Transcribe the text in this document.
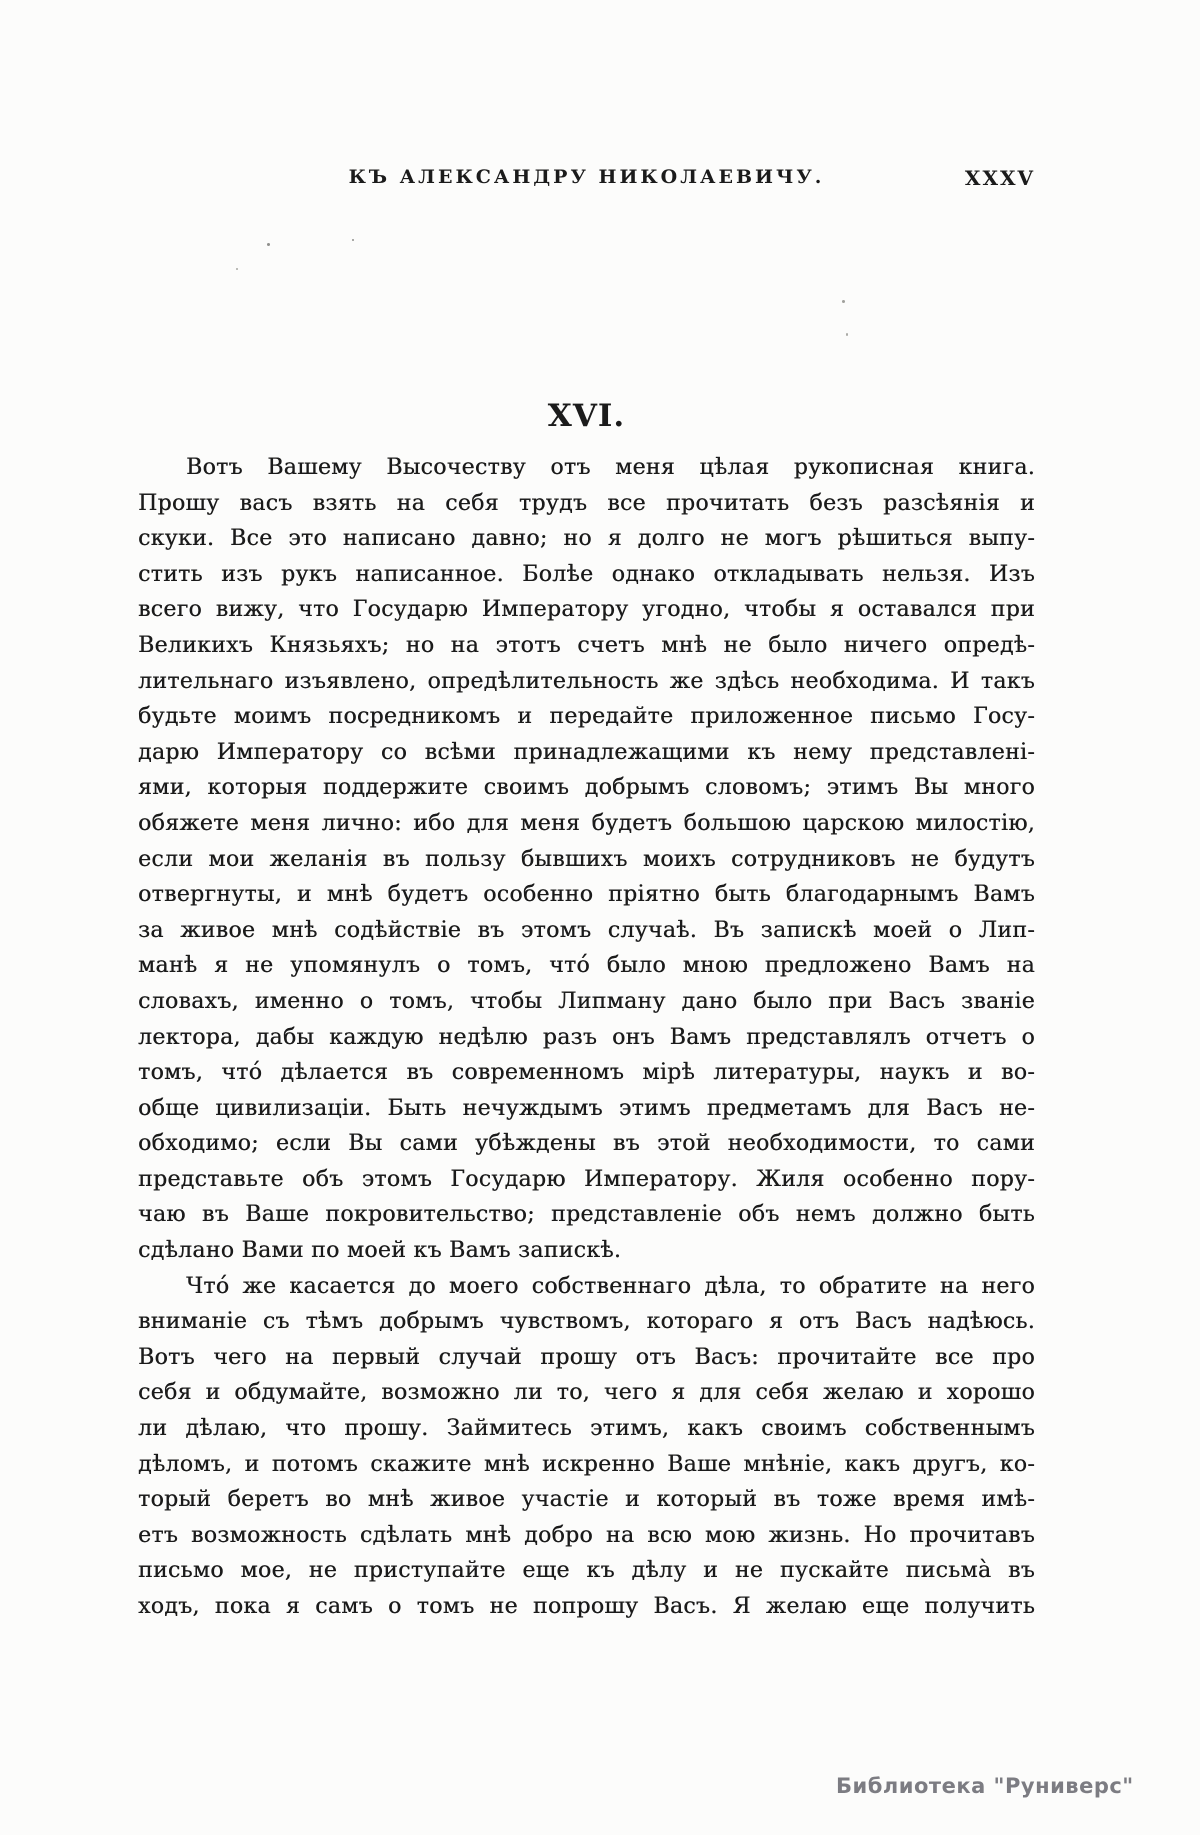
КЪ АЛЕКСАНДРУ НИКОЛАЕВИЧУ.	XXXV
XVI.
Вотъ Вашему Высочеству отъ меня цѣлая рукописная книга.
Прошу васъ взять на себя трудъ все прочитать безъ разсѣянія и
скуки. Все это написано давно; но я долго не могъ рѣшиться выпу-
стить изъ рукъ написанное. Болѣе однако откладывать нельзя. Изъ
всего вижу, что Государю Императору угодно, чтобы я оставался при
Великихъ Князьяхъ; но на этотъ счетъ мнѣ не было ничего опредѣ-
лительнаго изъявлено, опредѣлительность же здѣсь необходима. И такъ
будьте моимъ посредникомъ и передайте приложенное письмо Госу-
дарю Императору со всѣми принадлежащими къ нему представлені-
ями, которыя поддержите своимъ добрымъ словомъ; этимъ Вы много
обяжете меня лично: ибо для меня будетъ большою царскою милостію,
если мои желанія въ пользу бывшихъ моихъ сотрудниковъ не будутъ
отвергнуты, и мнѣ будетъ особенно пріятно быть благодарнымъ Вамъ
за живое мнѣ содѣйствіе въ этомъ случаѣ. Въ запискѣ моей о Лип-
манѣ я не упомянулъ о томъ, что́ было мною предложено Вамъ на
словахъ, именно о томъ, чтобы Липману дано было при Васъ званіе
лектора, дабы каждую недѣлю разъ онъ Вамъ представлялъ отчетъ о
томъ, что́ дѣлается въ современномъ мірѣ литературы, наукъ и во-
обще цивилизаціи. Быть нечуждымъ этимъ предметамъ для Васъ не-
обходимо; если Вы сами убѣждены въ этой необходимости, то сами
представьте объ этомъ Государю Императору. Жиля особенно пору-
чаю въ Ваше покровительство; представленіе объ немъ должно быть
сдѣлано Вами по моей къ Вамъ запискѣ.
Что́ же касается до моего собственнаго дѣла, то обратите на него
вниманіе съ тѣмъ добрымъ чувствомъ, котораго я отъ Васъ надѣюсь.
Вотъ чего на первый случай прошу отъ Васъ: прочитайте все про
себя и обдумайте, возможно ли то, чего я для себя желаю и хорошо
ли дѣлаю, что прошу. Займитесь этимъ, какъ своимъ собственнымъ
дѣломъ, и потомъ скажите мнѣ искренно Ваше мнѣніе, какъ другъ, ко-
торый беретъ во мнѣ живое участіе и который въ тоже время имѣ-
етъ возможность сдѣлать мнѣ добро на всю мою жизнь. Но прочитавъ
письмо мое, не приступайте еще къ дѣлу и не пускайте письма̀ въ
ходъ, пока я самъ о томъ не попрошу Васъ. Я желаю еще получить
Библиотека "Руниверс"
